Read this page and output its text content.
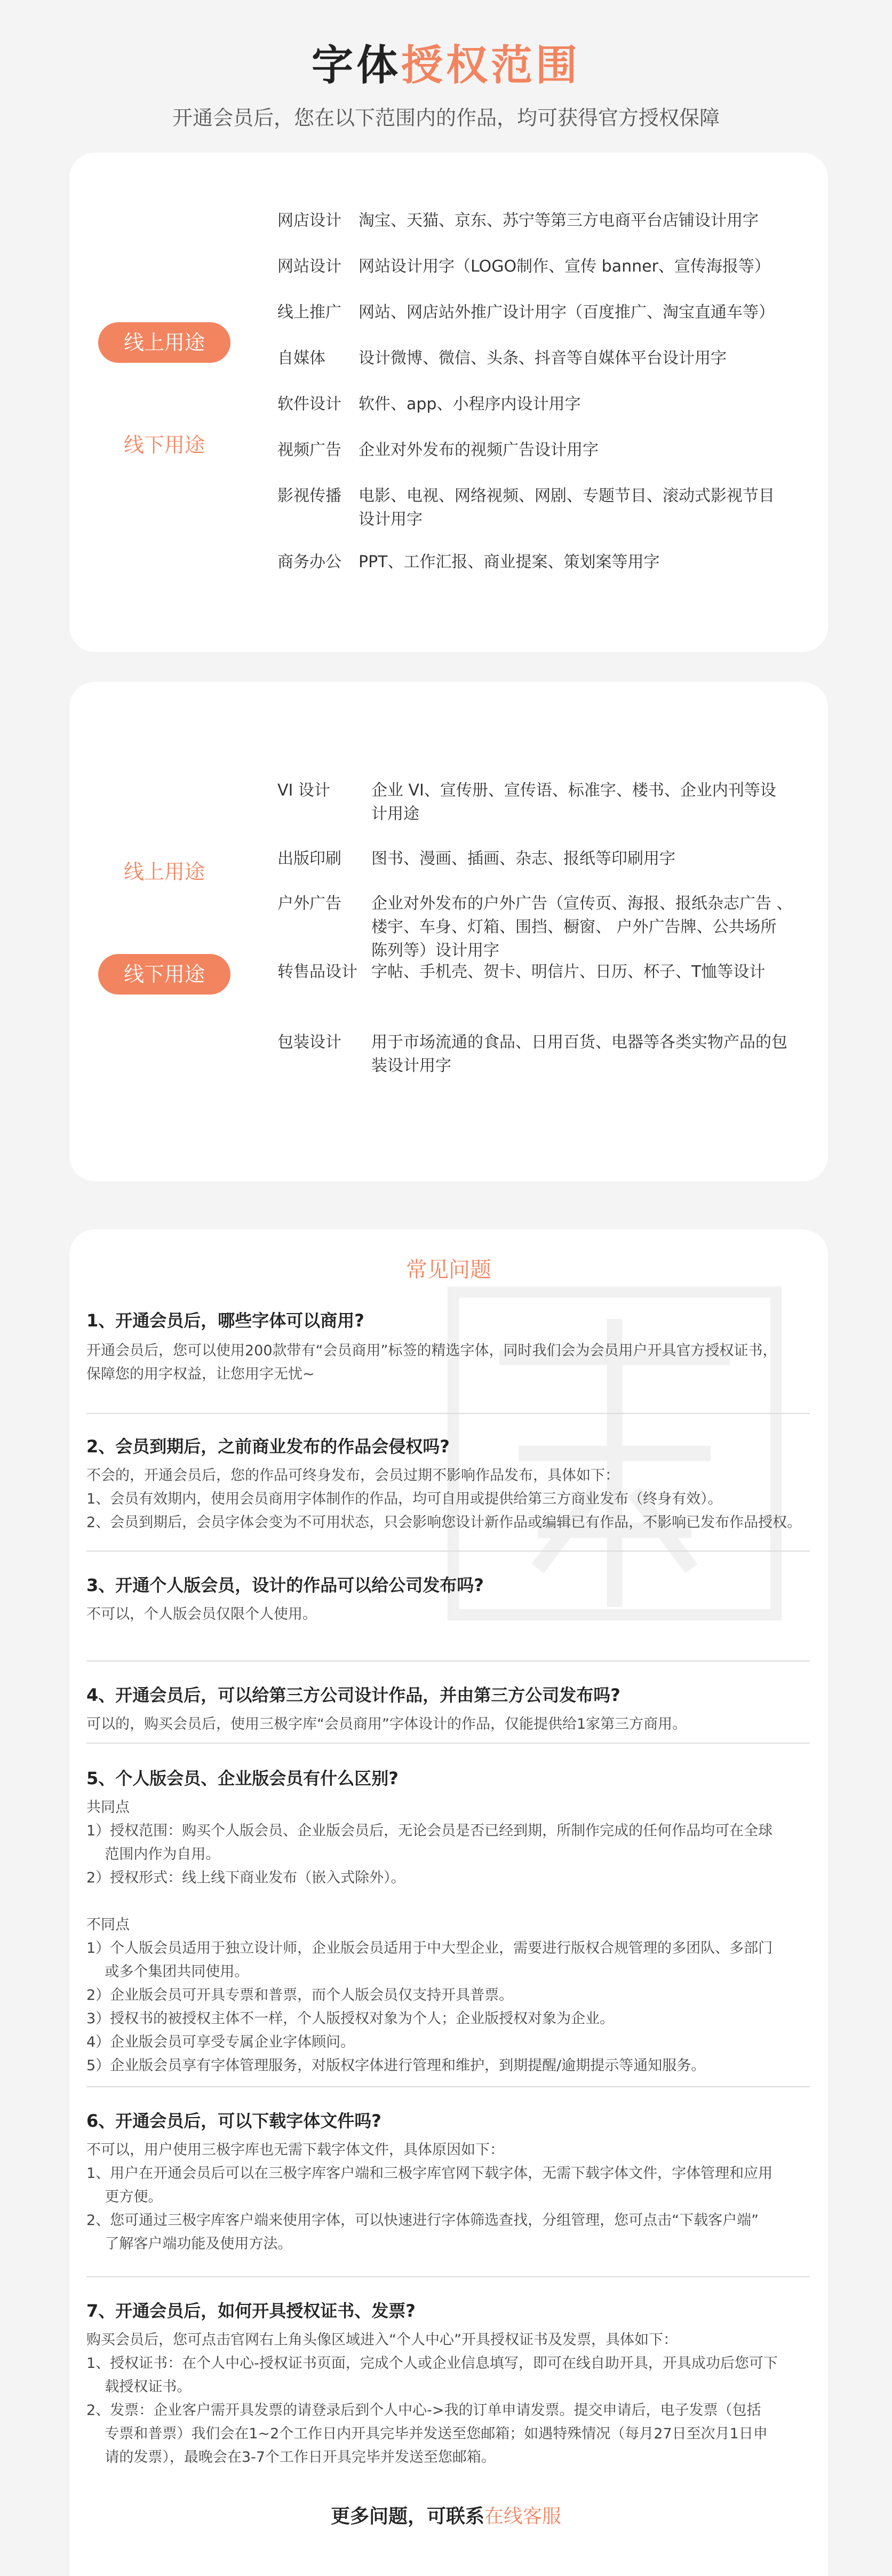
字体授权范围
开通会员后，您在以下范围内的作品，均可获得官方授权保障
线上用途
线下用途
网店设计 淘宝、天猫、京东、苏宁等第三方电商平台店铺设计用字
网站设计 网站设计用字（LOGO制作、宣传 banner、宣传海报等）
线上推广 网站、网店站外推广设计用字（百度推广、淘宝直通车等）
自媒体 设计微博、微信、头条、抖音等自媒体平台设计用字
软件设计 软件、app、小程序内设计用字
视频广告 企业对外发布的视频广告设计用字
影视传播 电影、电视、网络视频、网剧、专题节目、滚动式影视节目
设计用字
商务办公 PPT、工作汇报、商业提案、策划案等用字
线上用途
线下用途
VI 设计	企业 VI、宣传册、宣传语、标准字、楼书、企业内刊等设
计用途
出版印刷 图书、漫画、插画、杂志、报纸等印刷用字
户外广告 企业对外发布的户外广告（宣传页、海报、报纸杂志广告 、
楼宇、车身、灯箱、围挡、橱窗、 户外广告牌、公共场所
陈列等）设计用字
转售品设计 字帖、手机壳、贺卡、明信片、日历、杯子、T恤等设计
包装设计 用于市场流通的食品、日用百货、电器等各类实物产品的包
装设计用字
常见问题
1、开通会员后，哪些字体可以商用?
开通会员后，您可以使用200款带有“会员商用”标签的精选字体，同时我们会为会员用户开具官方授权证书，
保障您的用字权益，让您用字无忧~
2、会员到期后，之前商业发布的作品会侵权吗?
不会的，开通会员后，您的作品可终身发布，会员过期不影响作品发布，具体如下：
1、会员有效期内，使用会员商用字体制作的作品，均可自用或提供给第三方商业发布（终身有效）。
2、会员到期后，会员字体会变为不可用状态，只会影响您设计新作品或编辑已有作品，不影响已发布作品授权。
3、开通个人版会员，设计的作品可以给公司发布吗?
不可以，个人版会员仅限个人使用。
4、开通会员后，可以给第三方公司设计作品，并由第三方公司发布吗?
可以的，购买会员后，使用三极字库“会员商用”字体设计的作品，仅能提供给1家第三方商用。
5、个人版会员、企业版会员有什么区别?
共同点
1）授权范围：购买个人版会员、企业版会员后，无论会员是否已经到期，所制作完成的任何作品均可在全球
范围内作为自用。
2）授权形式：线上线下商业发布（嵌入式除外）。
不同点
1）个人版会员适用于独立设计师，企业版会员适用于中大型企业，需要进行版权合规管理的多团队、多部门
或多个集团共同使用。
2）企业版会员可开具专票和普票，而个人版会员仅支持开具普票。
3）授权书的被授权主体不一样，个人版授权对象为个人；企业版授权对象为企业。
4）企业版会员可享受专属企业字体顾问。
5）企业版会员享有字体管理服务，对版权字体进行管理和维护，到期提醒/逾期提示等通知服务。
6、开通会员后，可以下载字体文件吗?
不可以，用户使用三极字库也无需下载字体文件，具体原因如下：
1、用户在开通会员后可以在三极字库客户端和三极字库官网下载字体，无需下载字体文件，字体管理和应用
更方便。
2、您可通过三极字库客户端来使用字体，可以快速进行字体筛选查找，分组管理，您可点击“下载客户端”
了解客户端功能及使用方法。
7、开通会员后，如何开具授权证书、发票?
购买会员后，您可点击官网右上角头像区域进入“个人中心”开具授权证书及发票，具体如下：
1、授权证书：在个人中心-授权证书页面，完成个人或企业信息填写，即可在线自助开具，开具成功后您可下
载授权证书。
2、发票：企业客户需开具发票的请登录后到个人中心->我的订单申请发票。提交申请后，电子发票（包括
专票和普票）我们会在1~2个工作日内开具完毕并发送至您邮箱；如遇特殊情况（每月27日至次月1日申
请的发票），最晚会在3-7个工作日开具完毕并发送至您邮箱。
更多问题，可联系在线客服
